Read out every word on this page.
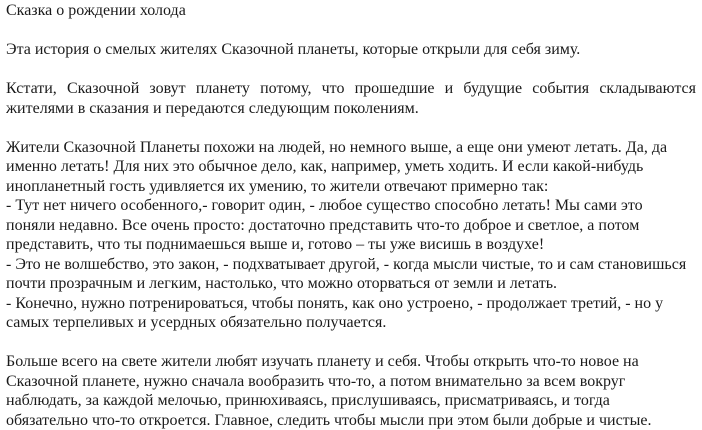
Сказка о рождении холода
Эта история о смелых жителях Сказочной планеты, которые открыли для себя зиму.
Кстати, Сказочной зовут планету потому, что прошедшие и будущие события складываются
жителями в сказания и передаются следующим поколениям.
Жители Сказочной Планеты похожи на людей, но немного выше, а еще они умеют летать. Да, да
именно летать! Для них это обычное дело, как, например, уметь ходить. И если какой-нибудь
инопланетный гость удивляется их умению, то жители отвечают примерно так:
- Тут нет ничего особенного,- говорит один, - любое существо способно летать! Мы сами это
поняли недавно. Все очень просто: достаточно представить что-то доброе и светлое, а потом
представить, что ты поднимаешься выше и, готово – ты уже висишь в воздухе!
- Это не волшебство, это закон, - подхватывает другой, - когда мысли чистые, то и сам становишься
почти прозрачным и легким, настолько, что можно оторваться от земли и летать.
- Конечно, нужно потренироваться, чтобы понять, как оно устроено, - продолжает третий, - но у
самых терпеливых и усердных обязательно получается.
Больше всего на свете жители любят изучать планету и себя. Чтобы открыть что-то новое на
Сказочной планете, нужно сначала вообразить что-то, а потом внимательно за всем вокруг
наблюдать, за каждой мелочью, принюхиваясь, прислушиваясь, присматриваясь, и тогда
обязательно что-то откроется. Главное, следить чтобы мысли при этом были добрые и чистые.
